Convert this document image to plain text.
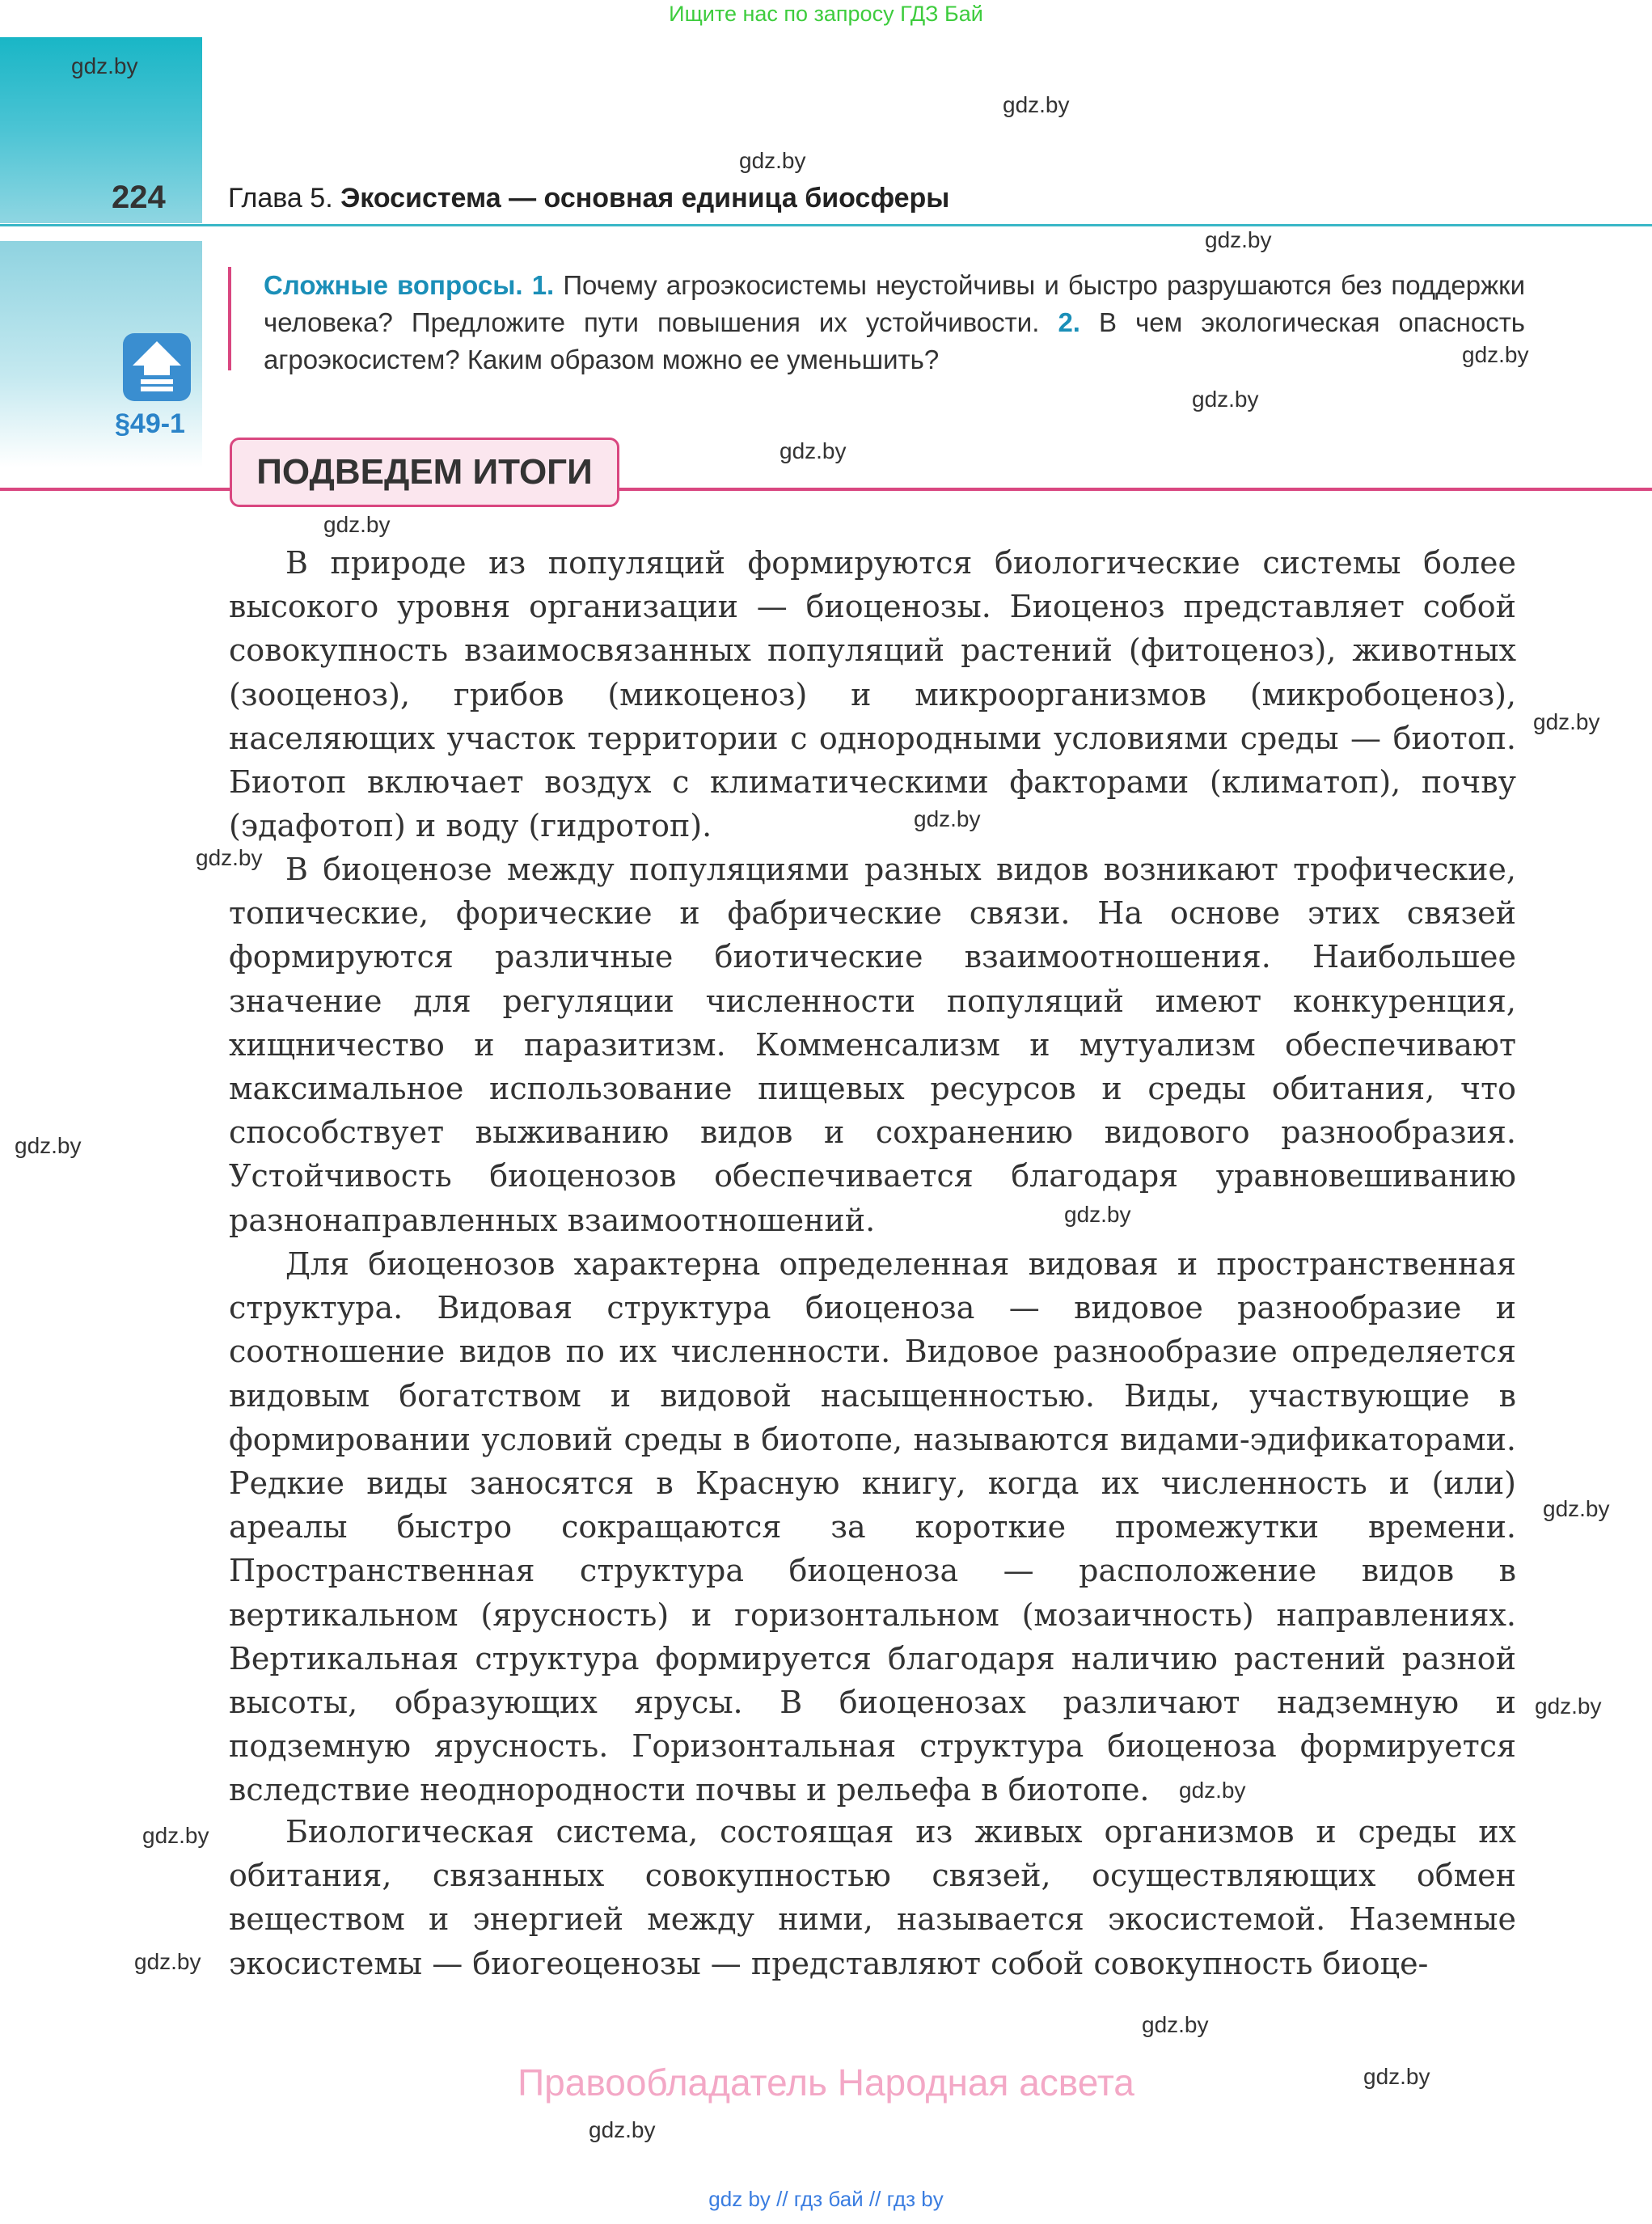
Ищите нас по запросу ГДЗ Бай
224 Глава 5. Экосистема — основная единица биосферы
Сложные вопросы. 1. Почему агроэкосистемы неустойчивы и быстро разрушаются без поддержки человека? Предложите пути повышения их устойчивости. 2. В чем экологическая опасность агроэкосистем? Каким образом можно ее уменьшить?
§49-1
ПОДВЕДЕМ ИТОГИ

В природе из популяций формируются биологические системы более высокого уровня организации — биоценозы. Биоценоз представляет собой совокупность взаимосвязанных популяций растений (фитоценоз), животных (зооценоз), грибов (микоценоз) и микроорганизмов (микробоценоз), населяющих участок территории с однородными условиями среды — биотоп. Биотоп включает воздух с климатическими факторами (климатоп), почву (эдафотоп) и воду (гидротоп).

В биоценозе между популяциями разных видов возникают трофические, топические, форические и фабрические связи. На основе этих связей формируются различные биотические взаимоотношения. Наибольшее значение для регуляции численности популяций имеют конкуренция, хищничество и паразитизм. Комменсализм и мутуализм обеспечивают максимальное использование пищевых ресурсов и среды обитания, что способствует выживанию видов и сохранению видового разнообразия. Устойчивость биоценозов обеспечивается благодаря уравновешиванию разнонаправленных взаимоотношений.

Для биоценозов характерна определенная видовая и пространственная структура. Видовая структура биоценоза — видовое разнообразие и соотношение видов по их численности. Видовое разнообразие определяется видовым богатством и видовой насыщенностью. Виды, участвующие в формировании условий среды в биотопе, называются видами-эдификаторами. Редкие виды заносятся в Красную книгу, когда их численность и (или) ареалы быстро сокращаются за короткие промежутки времени. Пространственная структура биоценоза — расположение видов в вертикальном (ярусность) и горизонтальном (мозаичность) направлениях. Вертикальная структура формируется благодаря наличию растений разной высоты, образующих ярусы. В биоценозах различают надземную и подземную ярусность. Горизонтальная структура биоценоза формируется вследствие неоднородности почвы и рельефа в биотопе.

Биологическая система, состоящая из живых организмов и среды их обитания, связанных совокупностью связей, осуществляющих обмен веществом и энергией между ними, называется экосистемой. Наземные экосистемы — биогеоценозы — представляют собой совокупность биоце-

Правообладатель Народная асвета
gdz by // гдз бай // гдз by
gdz.by
gdz.by
gdz.by
gdz.by
gdz.by
gdz.by
gdz.by
gdz.by
gdz.by
gdz.by
gdz.by
gdz.by
gdz.by
gdz.by
gdz.by
gdz.by
gdz.by
gdz.by
gdz.by
gdz.by
gdz.by
